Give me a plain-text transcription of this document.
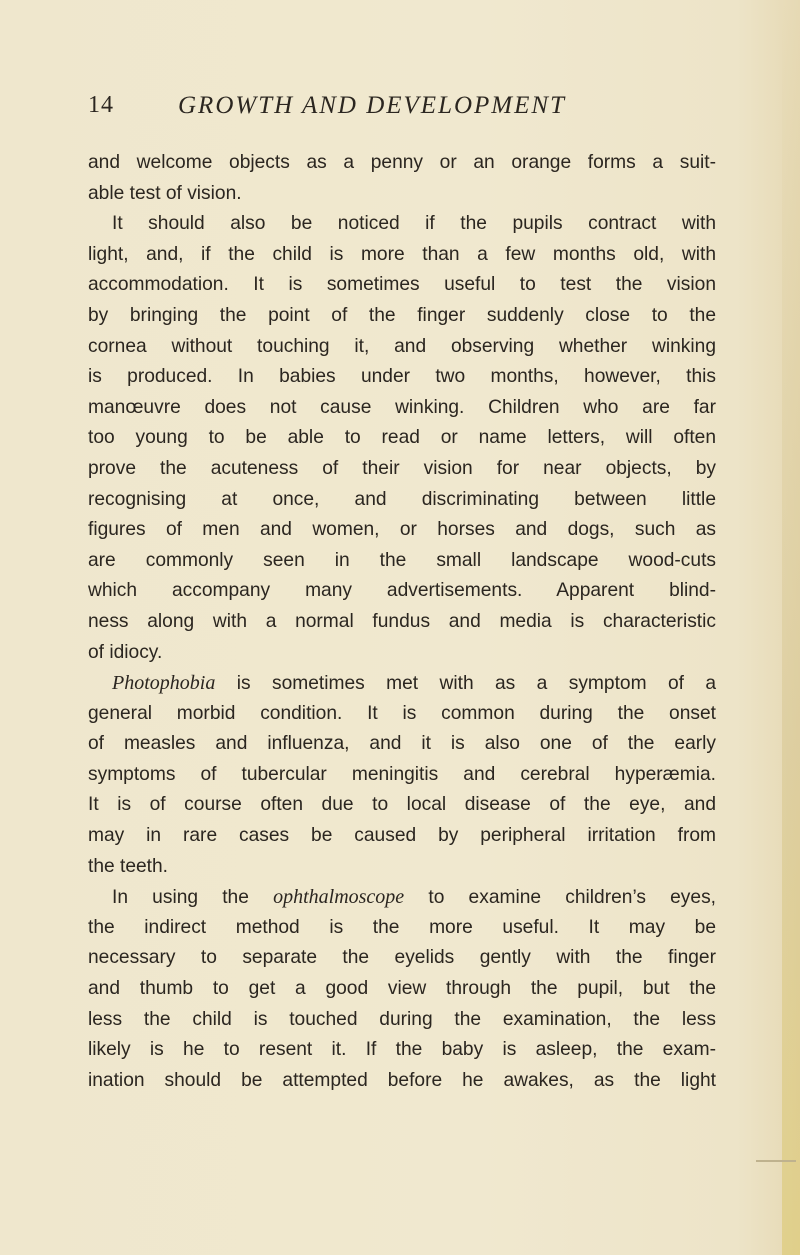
14	GROWTH AND DEVELOPMENT
and welcome objects as a penny or an orange forms a suit-
able test of vision.
It should also be noticed if the pupils contract with
light, and, if the child is more than a few months old, with
accommodation. It is sometimes useful to test the vision
by bringing the point of the finger suddenly close to the
cornea without touching it, and observing whether winking
is produced. In babies under two months, however, this
manœuvre does not cause winking. Children who are far
too young to be able to read or name letters, will often
prove the acuteness of their vision for near objects, by
recognising at once, and discriminating between little
figures of men and women, or horses and dogs, such as
are commonly seen in the small landscape wood-cuts
which accompany many advertisements. Apparent blind-
ness along with a normal fundus and media is characteristic
of idiocy.
Photophobia is sometimes met with as a symptom of a
general morbid condition. It is common during the onset
of measles and influenza, and it is also one of the early
symptoms of tubercular meningitis and cerebral hyperæmia.
It is of course often due to local disease of the eye, and
may in rare cases be caused by peripheral irritation from
the teeth.
In using the ophthalmoscope to examine children’s eyes,
the indirect method is the more useful. It may be
necessary to separate the eyelids gently with the finger
and thumb to get a good view through the pupil, but the
less the child is touched during the examination, the less
likely is he to resent it. If the baby is asleep, the exam-
ination should be attempted before he awakes, as the light
